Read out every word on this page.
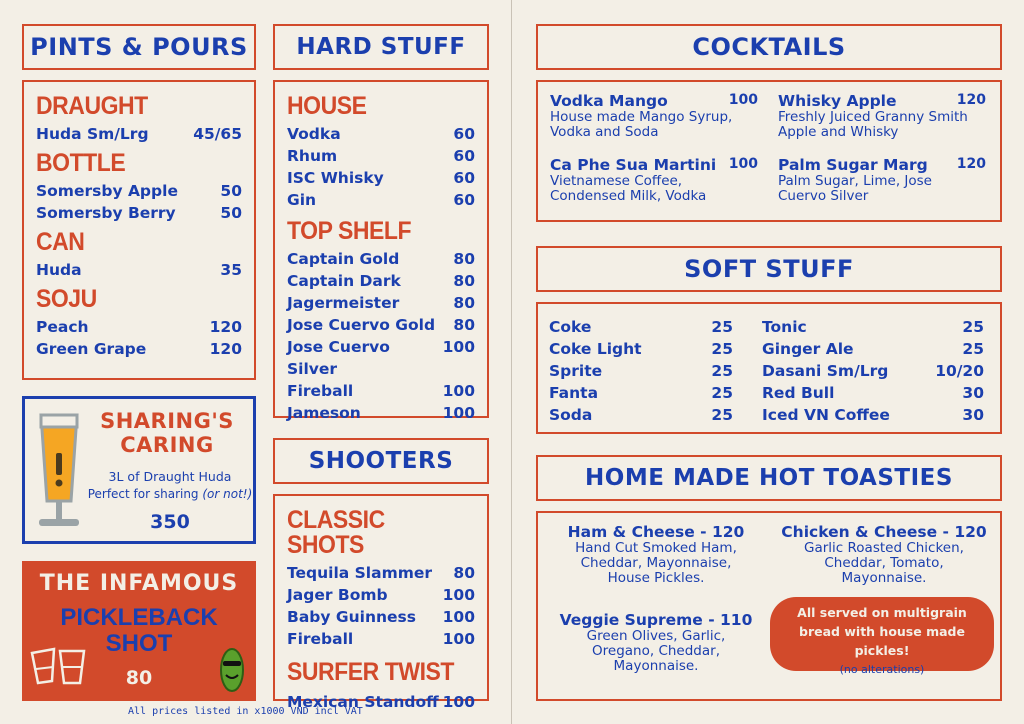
PINTS & POURS
DRAUGHT
Huda Sm/Lrg	45/65
BOTTLE
Somersby Apple	50
Somersby Berry	50
CAN
Huda	35
SOJU
Peach	120
Green Grape	120
SHARING'S CARING
3L of Draught Huda
Perfect for sharing (or not!)
350
THE INFAMOUS
PICKLEBACK
SHOT
80
All prices listed in x1000 VND incl VAT
HARD STUFF
HOUSE
Vodka	60
Rhum	60
ISC Whisky	60
Gin	60
TOP SHELF
Captain Gold	80
Captain Dark	80
Jagermeister	80
Jose Cuervo Gold 80
Jose Cuervo Silver
100
Fireball	100
Jameson	100
SHOOTERS
CLASSIC SHOTS
Tequila Slammer 80
Jager Bomb	100
Baby Guinness 100
Fireball	100
SURFER TWIST
Mexican Standoff 100
COCKTAILS
Vodka Mango	100
House made Mango Syrup,
Vodka and Soda
Whisky Apple	120
Freshly Juiced Granny Smith
Apple and Whisky
Ca Phe Sua Martini 100
Vietnamese Coffee,
Condensed Milk, Vodka
Palm Sugar Marg 120
Palm Sugar, Lime, Jose
Cuervo Silver
SOFT STUFF
Coke	25
Coke Light	25
Sprite	25
Fanta	25
Soda	25
Tonic	25
Ginger Ale	25
Dasani Sm/Lrg	10/20
Red Bull	30
Iced VN Coffee	30
HOME MADE HOT TOASTIES
Ham & Cheese - 120
Hand Cut Smoked Ham,
Cheddar, Mayonnaise,
House Pickles.
Chicken & Cheese - 120
Garlic Roasted Chicken,
Cheddar, Tomato,
Mayonnaise.
Veggie Supreme - 110
Green Olives, Garlic,
Oregano, Cheddar,
Mayonnaise.
All served on multigrain
bread with house made
pickles!
(no alterations)
